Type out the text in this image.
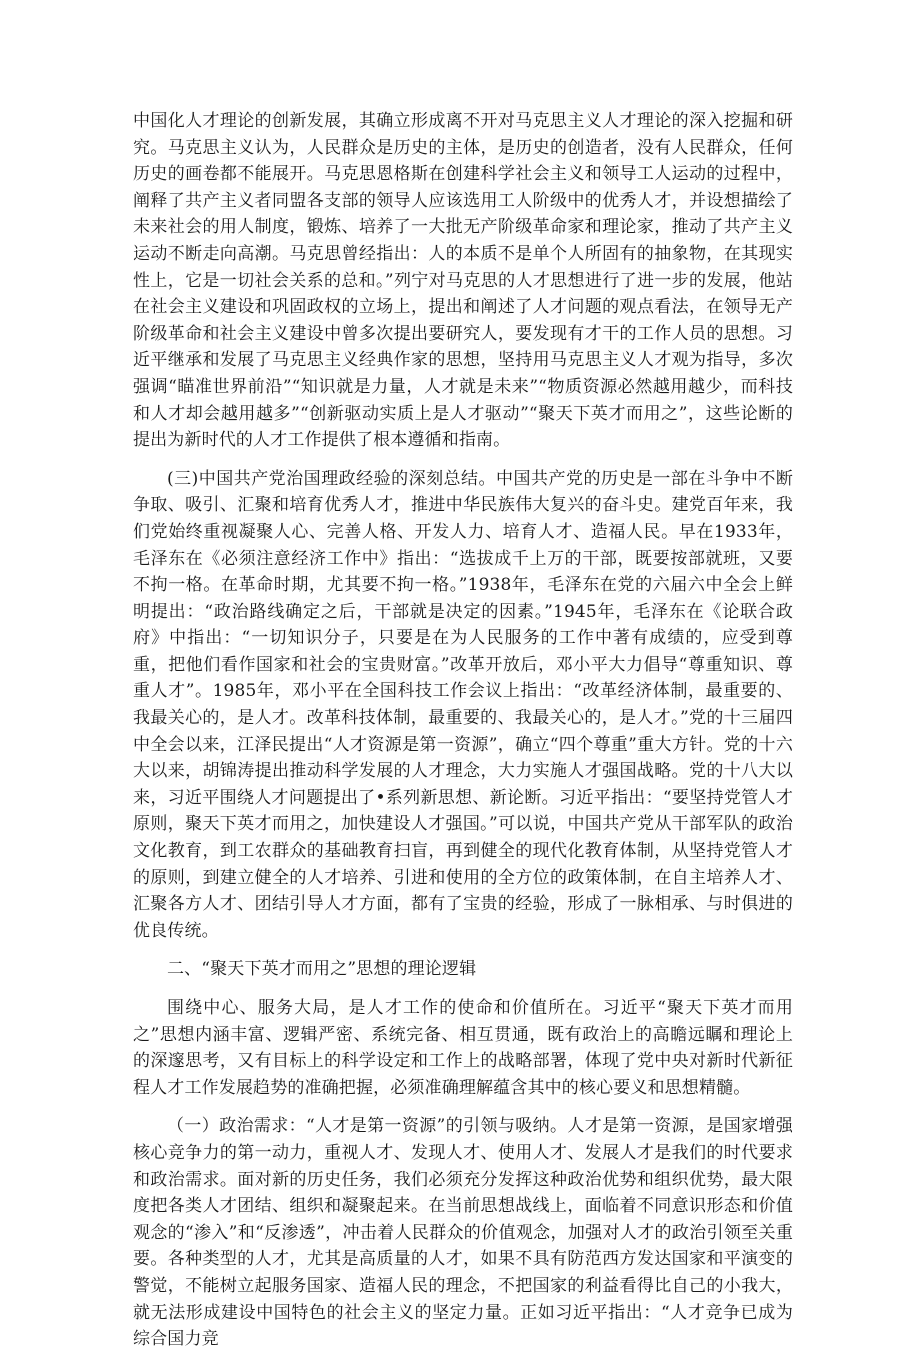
中国化人才理论的创新发展，其确立形成离不开对马克思主义人才理论的深入挖掘和研究。马克思主义认为，人民群众是历史的主体，是历史的创造者，没有人民群众，任何历史的画卷都不能展开。马克思恩格斯在创建科学社会主义和领导工人运动的过程中，阐释了共产主义者同盟各支部的领导人应该选用工人阶级中的优秀人才，并设想描绘了未来社会的用人制度，锻炼、培养了一大批无产阶级革命家和理论家，推动了共产主义运动不断走向高潮。马克思曾经指出：人的本质不是单个人所固有的抽象物，在其现实性上，它是一切社会关系的总和。”列宁对马克思的人才思想进行了进一步的发展，他站在社会主义建设和巩固政权的立场上，提出和阐述了人才问题的观点看法，在领导无产阶级革命和社会主义建设中曾多次提出要研究人，要发现有才干的工作人员的思想。习近平继承和发展了马克思主义经典作家的思想，坚持用马克思主义人才观为指导，多次强调“瞄准世界前沿”“知识就是力量，人才就是未来”“物质资源必然越用越少，而科技和人才却会越用越多”“创新驱动实质上是人才驱动”“聚天下英才而用之”，这些论断的提出为新时代的人才工作提供了根本遵循和指南。

(三)中国共产党治国理政经验的深刻总结。中国共产党的历史是一部在斗争中不断争取、吸引、汇聚和培育优秀人才，推进中华民族伟大复兴的奋斗史。建党百年来，我们党始终重视凝聚人心、完善人格、开发人力、培育人才、造福人民。早在1933年，毛泽东在《必须注意经济工作中》指出：“选拔成千上万的干部，既要按部就班，又要不拘一格。在革命时期，尤其要不拘一格。”1938年，毛泽东在党的六届六中全会上鲜明提出：“政治路线确定之后，干部就是决定的因素。”1945年，毛泽东在《论联合政府》中指出：“一切知识分子，只要是在为人民服务的工作中著有成绩的，应受到尊重，把他们看作国家和社会的宝贵财富。”改革开放后，邓小平大力倡导“尊重知识、尊重人才”。1985年，邓小平在全国科技工作会议上指出：“改革经济体制，最重要的、我最关心的，是人才。改革科技体制，最重要的、我最关心的，是人才。”党的十三届四中全会以来，江泽民提出“人才资源是第一资源”，确立“四个尊重”重大方针。党的十六大以来，胡锦涛提出推动科学发展的人才理念，大力实施人才强国战略。党的十八大以来，习近平围绕人才问题提出了•系列新思想、新论断。习近平指出：“要坚持党管人才原则，聚天下英才而用之，加快建设人才强国。”可以说，中国共产党从干部军队的政治文化教育，到工农群众的基础教育扫盲，再到健全的现代化教育体制，从坚持党管人才的原则，到建立健全的人才培养、引进和使用的全方位的政策体制，在自主培养人才、汇聚各方人才、团结引导人才方面，都有了宝贵的经验，形成了一脉相承、与时俱进的优良传统。

二、“聚天下英才而用之”思想的理论逻辑

围绕中心、服务大局，是人才工作的使命和价值所在。习近平“聚天下英才而用之”思想内涵丰富、逻辑严密、系统完备、相互贯通，既有政治上的高瞻远瞩和理论上的深邃思考，又有目标上的科学设定和工作上的战略部署，体现了党中央对新时代新征程人才工作发展趋势的准确把握，必须准确理解蕴含其中的核心要义和思想精髓。

（一）政治需求：“人才是第一资源”的引领与吸纳。人才是第一资源，是国家增强核心竞争力的第一动力，重视人才、发现人才、使用人才、发展人才是我们的时代要求和政治需求。面对新的历史任务，我们必须充分发挥这种政治优势和组织优势，最大限度把各类人才团结、组织和凝聚起来。在当前思想战线上，面临着不同意识形态和价值观念的“渗入”和“反渗透”，冲击着人民群众的价值观念，加强对人才的政治引领至关重要。各种类型的人才，尤其是高质量的人才，如果不具有防范西方发达国家和平演变的警觉，不能树立起服务国家、造福人民的理念，不把国家的利益看得比自己的小我大，就无法形成建设中国特色的社会主义的坚定力量。正如习近平指出：“人才竞争已成为综合国力竞
